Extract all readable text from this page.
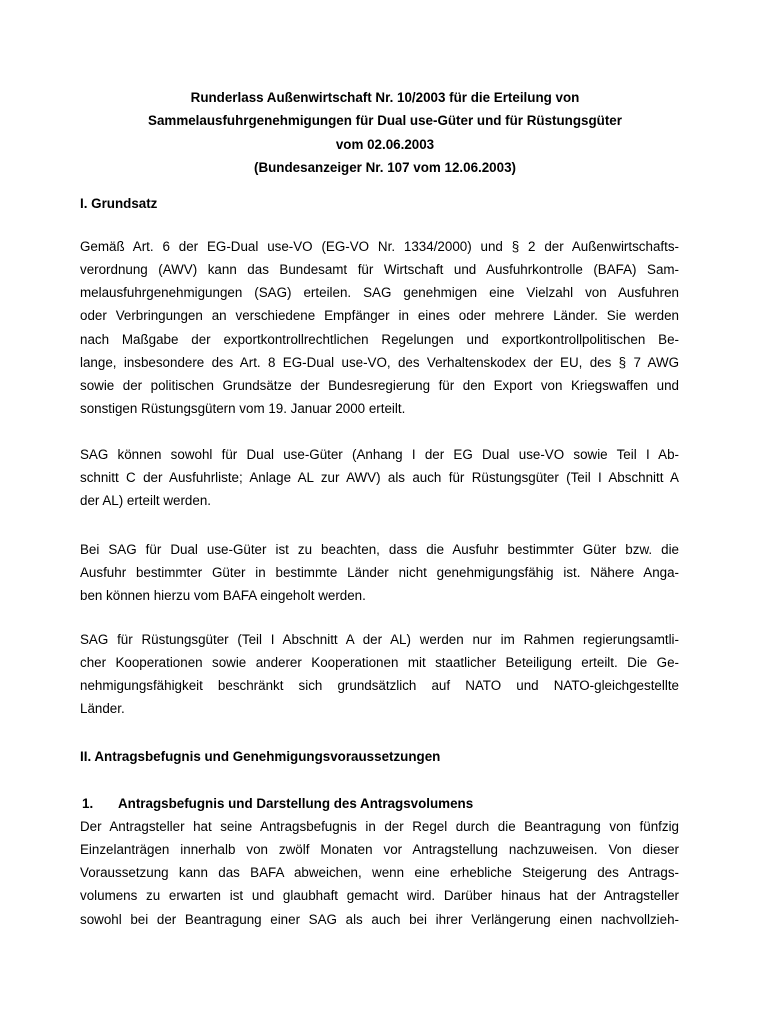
Runderlass Außenwirtschaft Nr. 10/2003 für die Erteilung von
Sammelausfuhrgenehmigungen für Dual use-Güter und für Rüstungsgüter
vom 02.06.2003
(Bundesanzeiger Nr. 107 vom 12.06.2003)
I. Grundsatz
Gemäß Art. 6 der EG-Dual use-VO (EG-VO Nr. 1334/2000) und § 2 der Außenwirtschafts-
verordnung (AWV) kann das Bundesamt für Wirtschaft und Ausfuhrkontrolle (BAFA) Sam-
melausfuhrgenehmigungen (SAG) erteilen. SAG genehmigen eine Vielzahl von Ausfuhren
oder Verbringungen an verschiedene Empfänger in eines oder mehrere Länder. Sie werden
nach Maßgabe der exportkontrollrechtlichen Regelungen und exportkontrollpolitischen Be-
lange, insbesondere des Art. 8 EG-Dual use-VO, des Verhaltenskodex der EU, des § 7 AWG
sowie der politischen Grundsätze der Bundesregierung für den Export von Kriegswaffen und
sonstigen Rüstungsgütern vom 19. Januar 2000 erteilt.
SAG können sowohl für Dual use-Güter (Anhang I der EG Dual use-VO sowie Teil I Ab-
schnitt C der Ausfuhrliste; Anlage AL zur AWV) als auch für Rüstungsgüter (Teil I Abschnitt A
der AL) erteilt werden.
Bei SAG für Dual use-Güter ist zu beachten, dass die Ausfuhr bestimmter Güter bzw. die
Ausfuhr bestimmter Güter in bestimmte Länder nicht genehmigungsfähig ist. Nähere Anga-
ben können hierzu vom BAFA eingeholt werden.
SAG für Rüstungsgüter (Teil I Abschnitt A der AL) werden nur im Rahmen regierungsamtli-
cher Kooperationen sowie anderer Kooperationen mit staatlicher Beteiligung erteilt. Die Ge-
nehmigungsfähigkeit beschränkt sich grundsätzlich auf NATO und NATO-gleichgestellte
Länder.
II. Antragsbefugnis und Genehmigungsvoraussetzungen
1. Antragsbefugnis und Darstellung des Antragsvolumens
Der Antragsteller hat seine Antragsbefugnis in der Regel durch die Beantragung von fünfzig
Einzelanträgen innerhalb von zwölf Monaten vor Antragstellung nachzuweisen. Von dieser
Voraussetzung kann das BAFA abweichen, wenn eine erhebliche Steigerung des Antrags-
volumens zu erwarten ist und glaubhaft gemacht wird. Darüber hinaus hat der Antragsteller
sowohl bei der Beantragung einer SAG als auch bei ihrer Verlängerung einen nachvollzieh-
